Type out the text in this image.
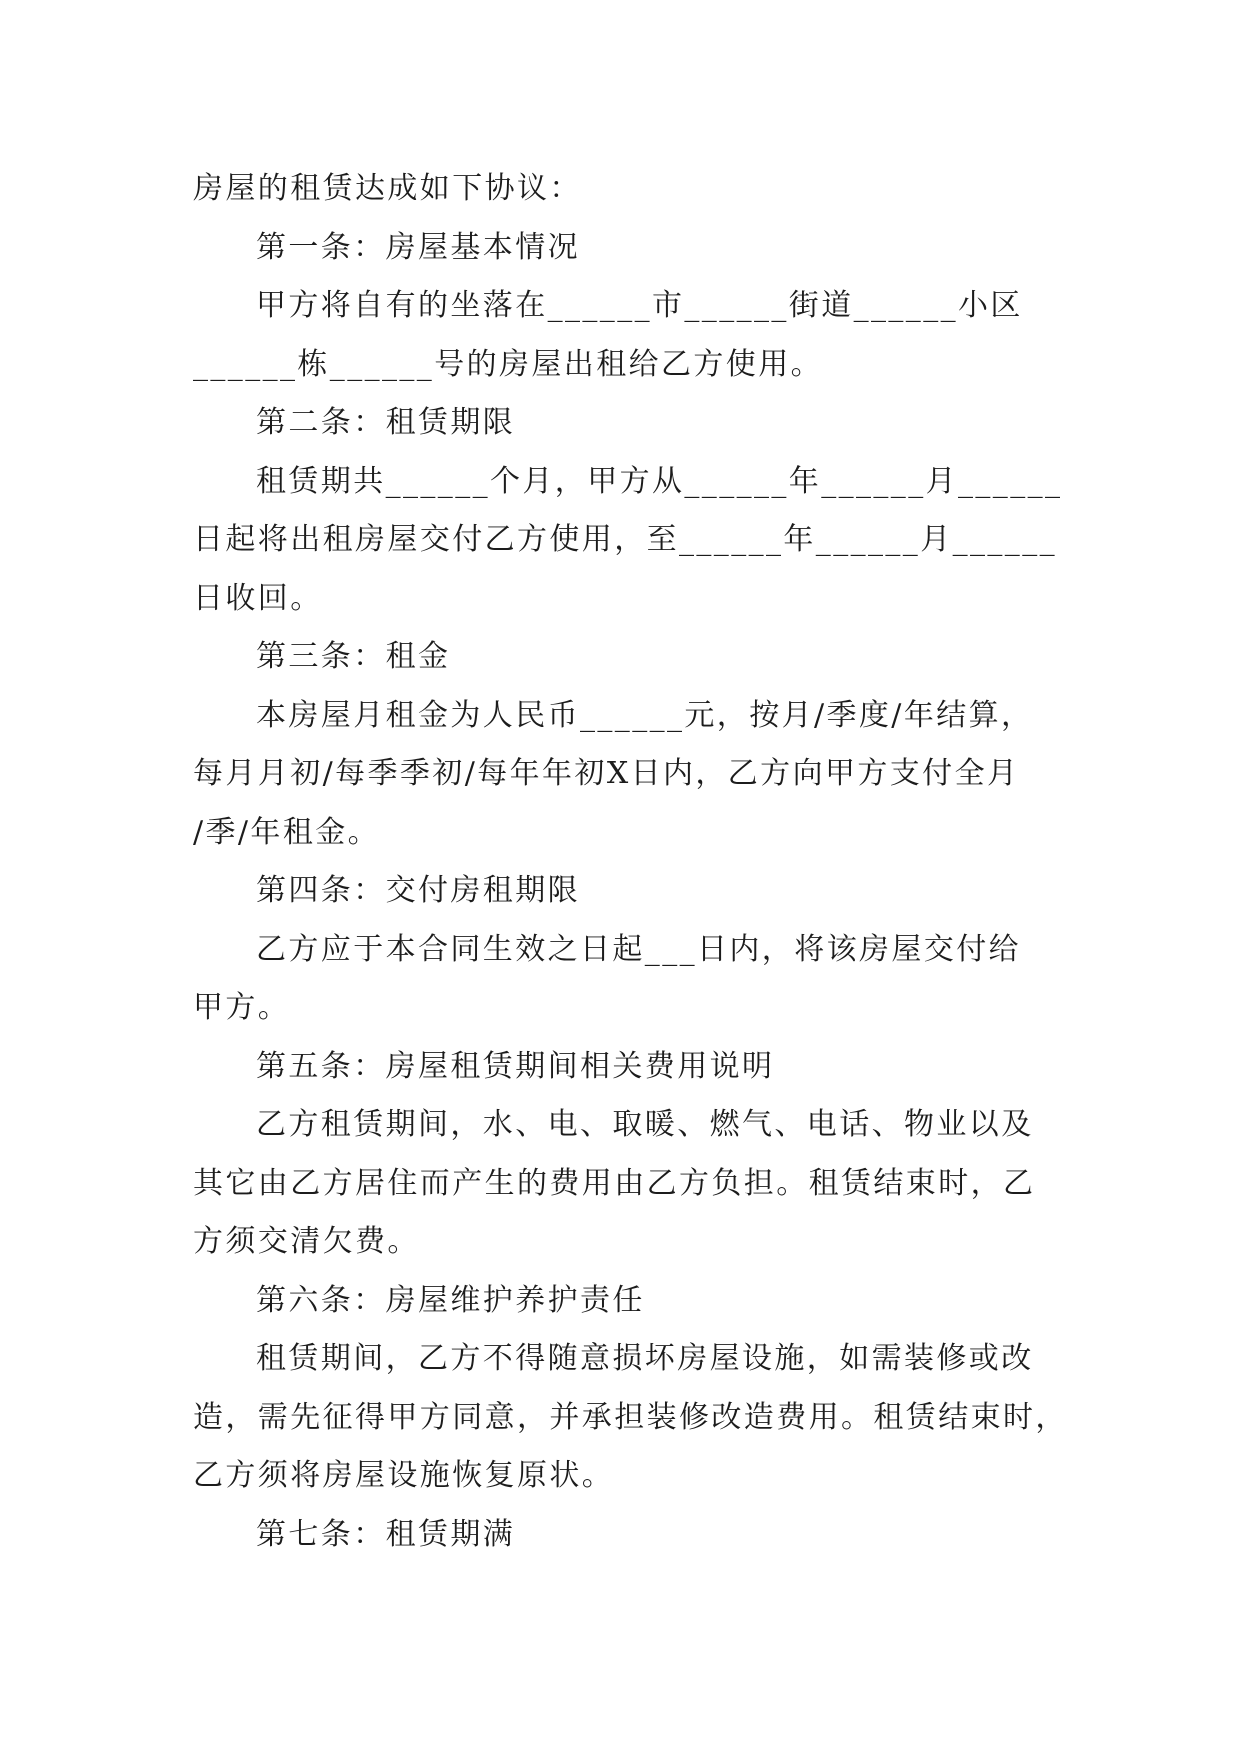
房屋的租赁达成如下协议：
第一条：房屋基本情况
甲方将自有的坐落在______市______街道______小区
______栋______号的房屋出租给乙方使用。
第二条：租赁期限
租赁期共______个月，甲方从______年______月______
日起将出租房屋交付乙方使用，至______年______月______
日收回。
第三条：租金
本房屋月租金为人民币______元，按月/季度/年结算，
每月月初/每季季初/每年年初X日内，乙方向甲方支付全月
/季/年租金。
第四条：交付房租期限
乙方应于本合同生效之日起___日内，将该房屋交付给
甲方。
第五条：房屋租赁期间相关费用说明
乙方租赁期间，水、电、取暖、燃气、电话、物业以及
其它由乙方居住而产生的费用由乙方负担。租赁结束时，乙
方须交清欠费。
第六条：房屋维护养护责任
租赁期间，乙方不得随意损坏房屋设施，如需装修或改
造，需先征得甲方同意，并承担装修改造费用。租赁结束时，
乙方须将房屋设施恢复原状。
第七条：租赁期满
